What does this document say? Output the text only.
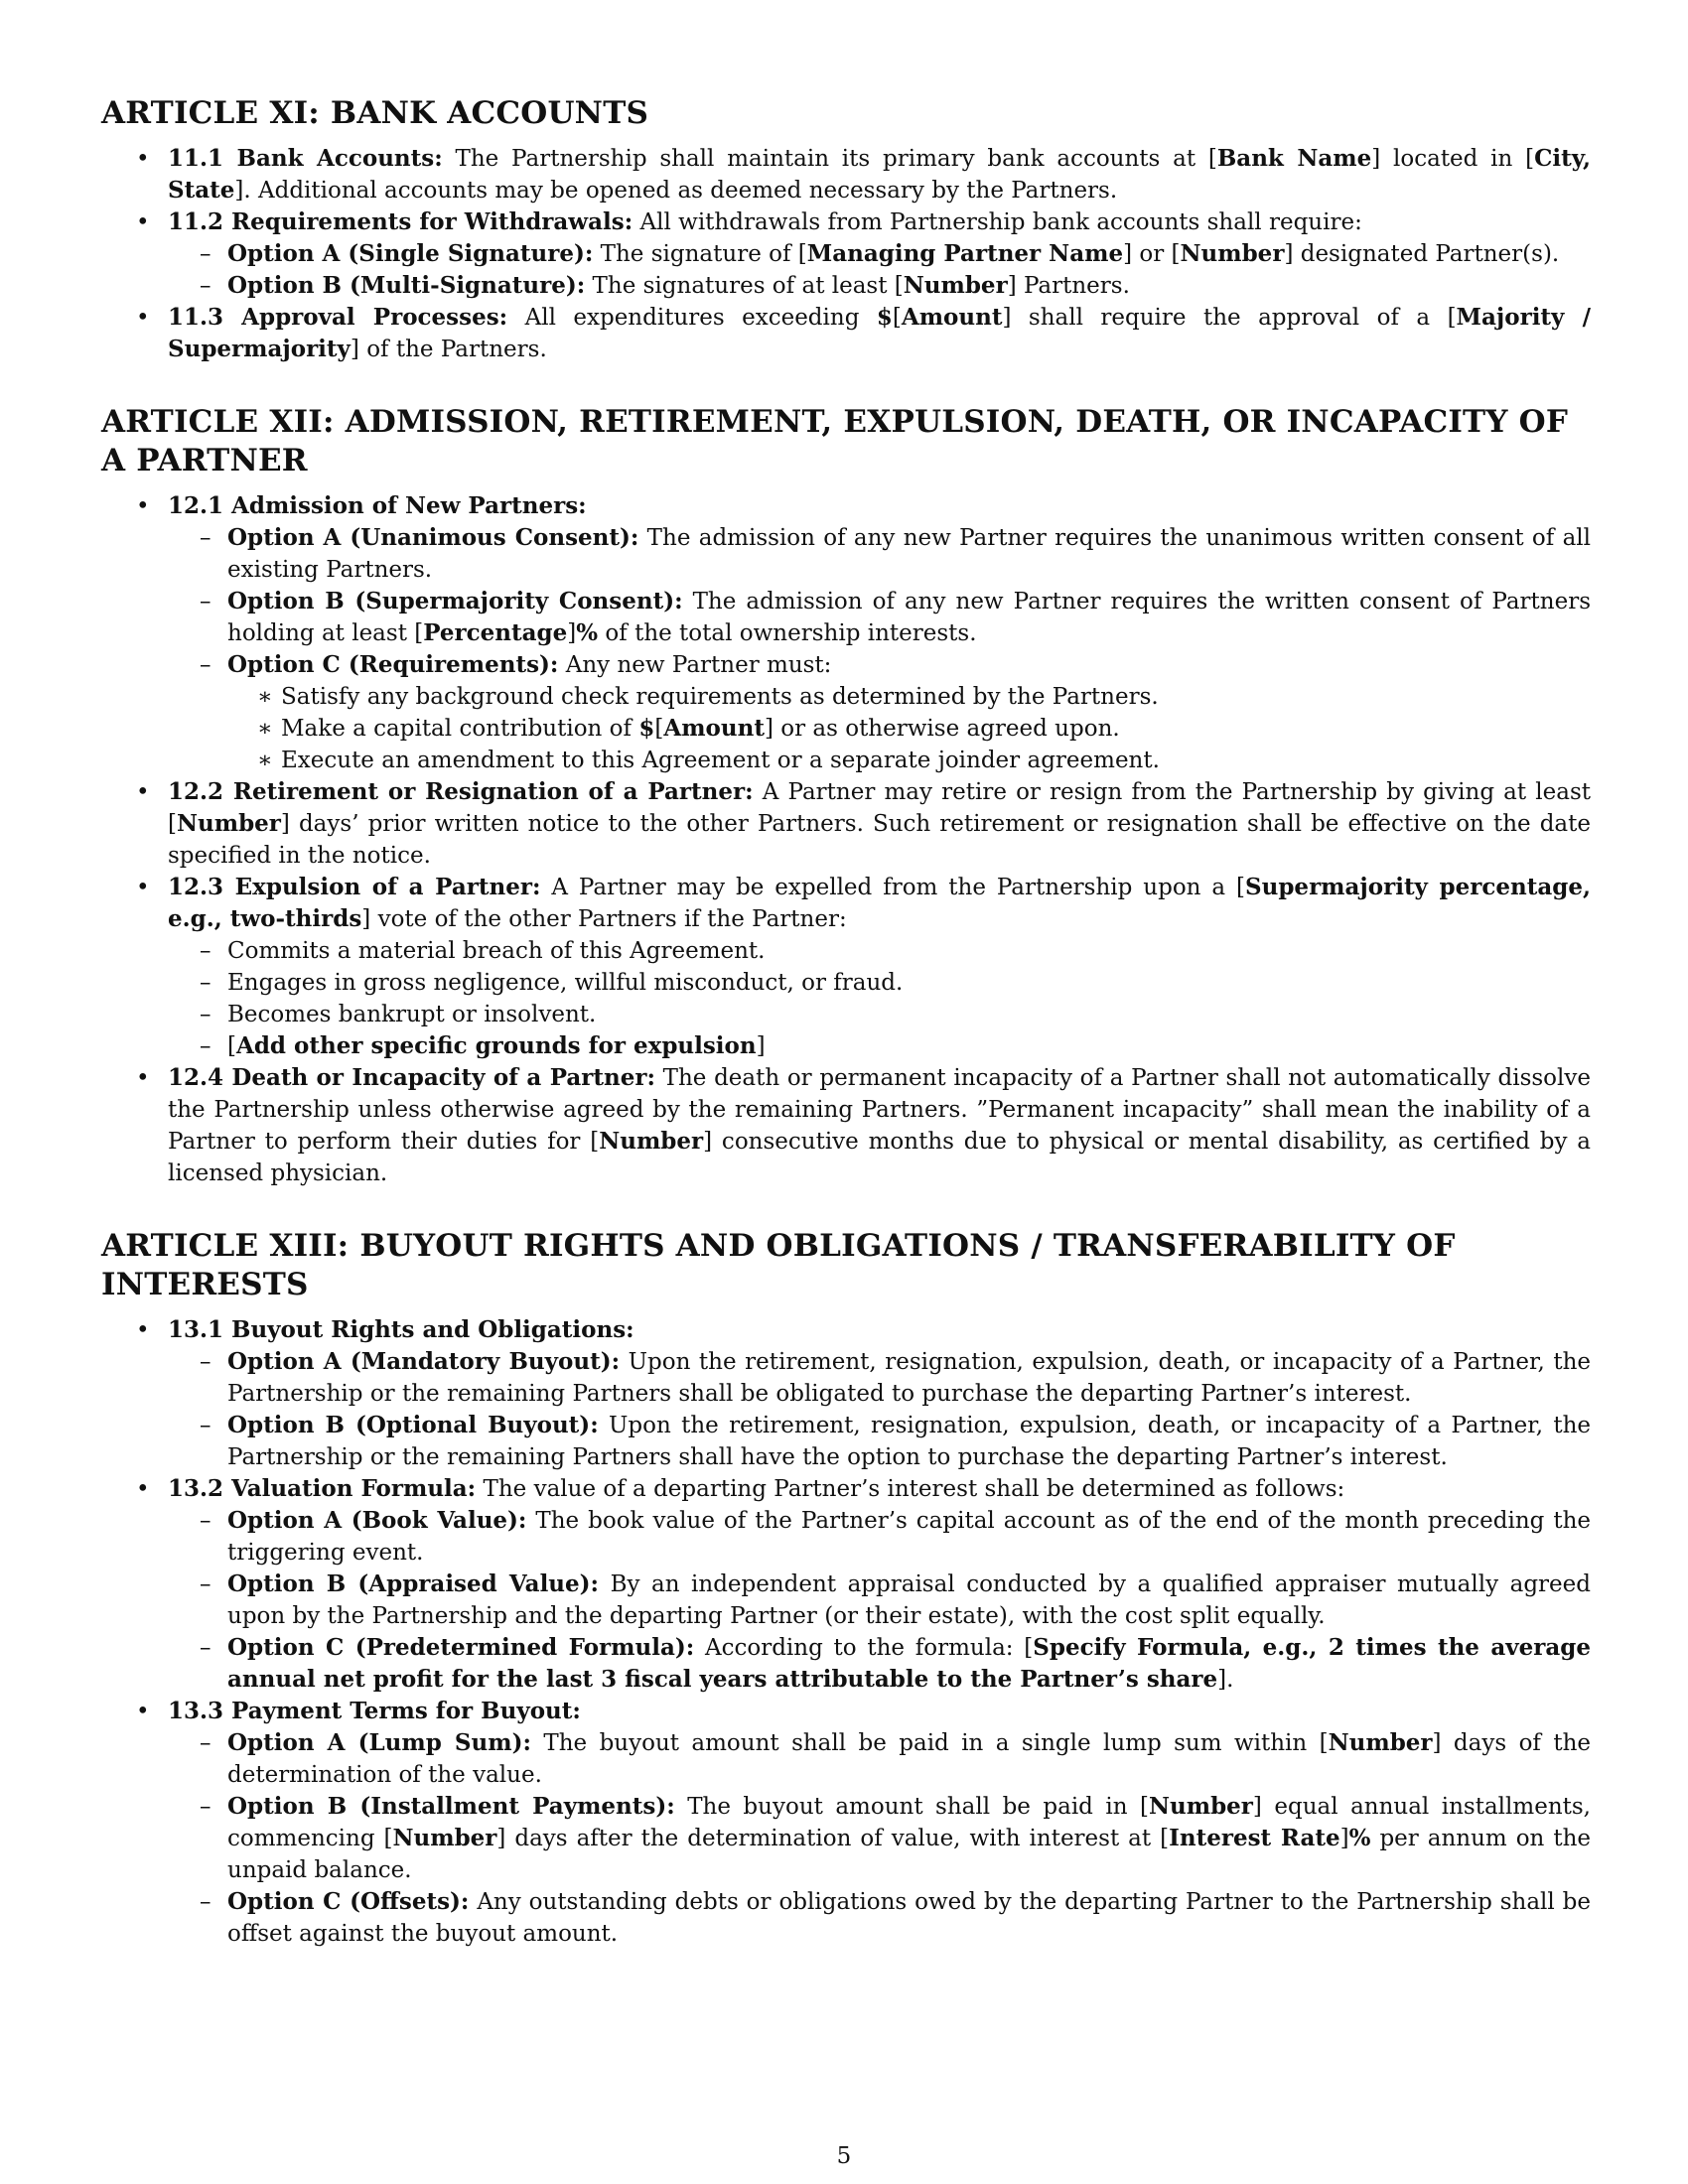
ARTICLE XI: BANK ACCOUNTS

• 11.1 Bank Accounts: The Partnership shall maintain its primary bank accounts at [Bank Name] located in [City, State]. Additional accounts may be opened as deemed necessary by the Partners.

• 11.2 Requirements for Withdrawals: All withdrawals from Partnership bank accounts shall require:

– Option A (Single Signature): The signature of [Managing Partner Name] or [Number] designated Partner(s).

– Option B (Multi-Signature): The signatures of at least [Number] Partners.

• 11.3 Approval Processes: All expenditures exceeding $[Amount] shall require the approval of a [Majority / Supermajority] of the Partners.

ARTICLE XII: ADMISSION, RETIREMENT, EXPULSION, DEATH, OR INCAPACITY OF A PARTNER

• 12.1 Admission of New Partners:

– Option A (Unanimous Consent): The admission of any new Partner requires the unanimous written consent of all existing Partners.

– Option B (Supermajority Consent): The admission of any new Partner requires the written consent of Partners holding at least [Percentage]% of the total ownership interests.

– Option C (Requirements): Any new Partner must:

∗ Satisfy any background check requirements as determined by the Partners.

∗ Make a capital contribution of $[Amount] or as otherwise agreed upon.

∗ Execute an amendment to this Agreement or a separate joinder agreement.

• 12.2 Retirement or Resignation of a Partner: A Partner may retire or resign from the Partnership by giving at least [Number] days’ prior written notice to the other Partners. Such retirement or resignation shall be effective on the date specified in the notice.

• 12.3 Expulsion of a Partner: A Partner may be expelled from the Partnership upon a [Supermajority percentage, e.g., two-thirds] vote of the other Partners if the Partner:

– Commits a material breach of this Agreement.

– Engages in gross negligence, willful misconduct, or fraud.

– Becomes bankrupt or insolvent.

– [Add other specific grounds for expulsion]

• 12.4 Death or Incapacity of a Partner: The death or permanent incapacity of a Partner shall not automatically dissolve the Partnership unless otherwise agreed by the remaining Partners. ”Permanent incapacity” shall mean the inability of a Partner to perform their duties for [Number] consecutive months due to physical or mental disability, as certified by a licensed physician.

ARTICLE XIII: BUYOUT RIGHTS AND OBLIGATIONS / TRANSFERABILITY OF INTERESTS

• 13.1 Buyout Rights and Obligations:

– Option A (Mandatory Buyout): Upon the retirement, resignation, expulsion, death, or incapacity of a Partner, the Partnership or the remaining Partners shall be obligated to purchase the departing Partner’s interest.

– Option B (Optional Buyout): Upon the retirement, resignation, expulsion, death, or incapacity of a Partner, the Partnership or the remaining Partners shall have the option to purchase the departing Partner’s interest.

• 13.2 Valuation Formula: The value of a departing Partner’s interest shall be determined as follows:

– Option A (Book Value): The book value of the Partner’s capital account as of the end of the month preceding the triggering event.

– Option B (Appraised Value): By an independent appraisal conducted by a qualified appraiser mutually agreed upon by the Partnership and the departing Partner (or their estate), with the cost split equally.

– Option C (Predetermined Formula): According to the formula: [Specify Formula, e.g., 2 times the average annual net profit for the last 3 fiscal years attributable to the Partner’s share].

• 13.3 Payment Terms for Buyout:

– Option A (Lump Sum): The buyout amount shall be paid in a single lump sum within [Number] days of the determination of the value.

– Option B (Installment Payments): The buyout amount shall be paid in [Number] equal annual installments, commencing [Number] days after the determination of value, with interest at [Interest Rate]% per annum on the unpaid balance.

– Option C (Offsets): Any outstanding debts or obligations owed by the departing Partner to the Partnership shall be offset against the buyout amount.

5
